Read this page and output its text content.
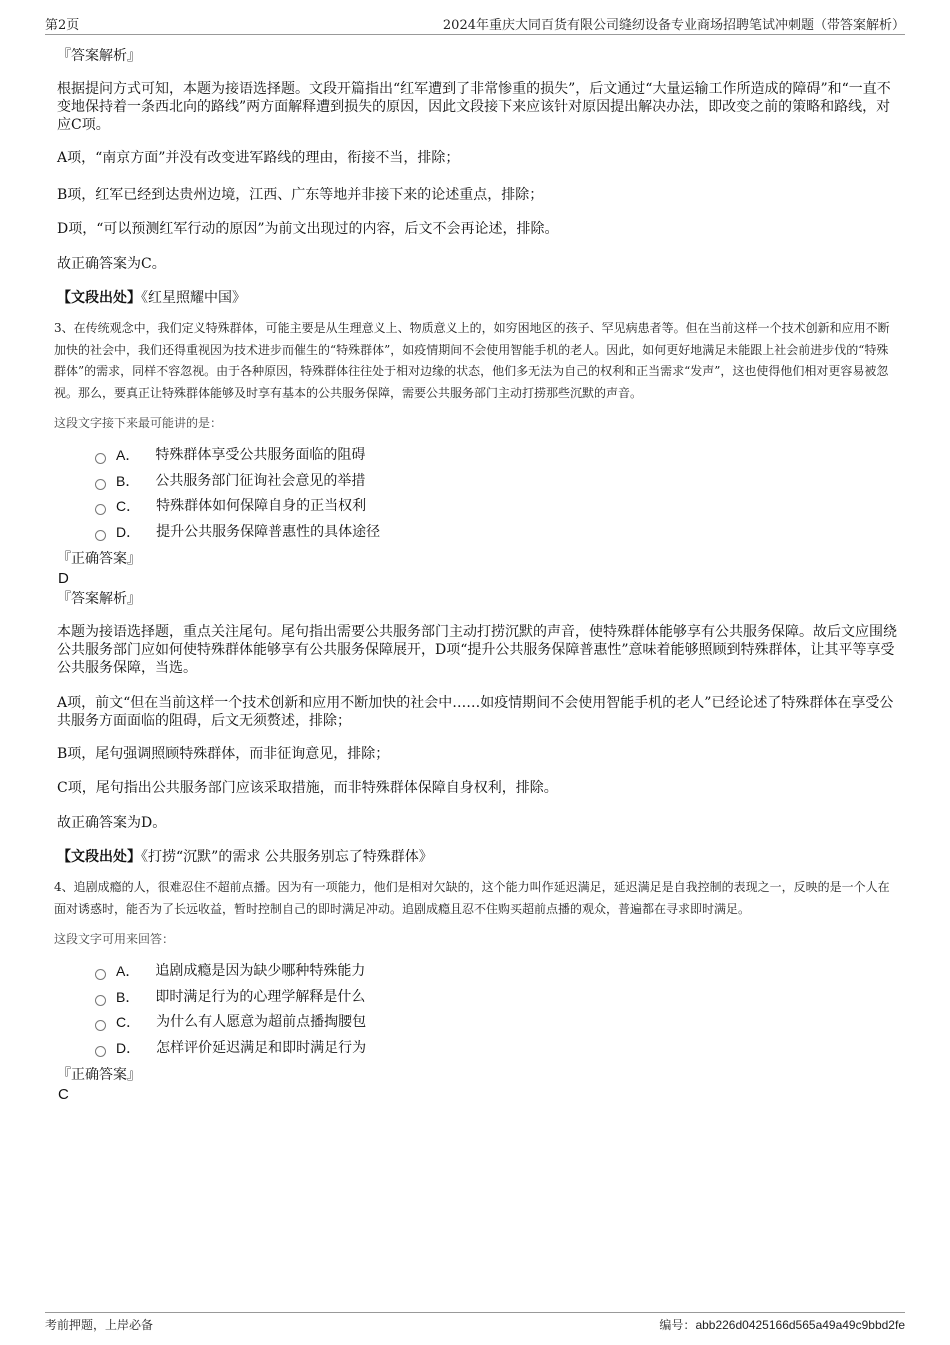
第2页	2024年重庆大同百货有限公司缝纫设备专业商场招聘笔试冲刺题（带答案解析）

『答案解析』

根据提问方式可知，本题为接语选择题。文段开篇指出“红军遭到了非常惨重的损失”，后文通过“大量运输工作所造成的障碍”和“一直不变地保持着一条西北向的路线”两方面解释遭到损失的原因，因此文段接下来应该针对原因提出解决办法，即改变之前的策略和路线，对应C项。

A项，“南京方面”并没有改变进军路线的理由，衔接不当，排除；

B项，红军已经到达贵州边境，江西、广东等地并非接下来的论述重点，排除；

D项，“可以预测红军行动的原因”为前文出现过的内容，后文不会再论述，排除。

故正确答案为C。

【文段出处】《红星照耀中国》

3、在传统观念中，我们定义特殊群体，可能主要是从生理意义上、物质意义上的，如穷困地区的孩子、罕见病患者等。但在当前这样一个技术创新和应用不断加快的社会中，我们还得重视因为技术进步而催生的“特殊群体”，如疫情期间不会使用智能手机的老人。因此，如何更好地满足未能跟上社会前进步伐的“特殊群体”的需求，同样不容忽视。由于各种原因，特殊群体往往处于相对边缘的状态，他们多无法为自己的权利和正当需求“发声”，这也使得他们相对更容易被忽视。那么，要真正让特殊群体能够及时享有基本的公共服务保障，需要公共服务部门主动打捞那些沉默的声音。

这段文字接下来最可能讲的是：

A． 特殊群体享受公共服务面临的阻碍
B． 公共服务部门征询社会意见的举措
C． 特殊群体如何保障自身的正当权利
D． 提升公共服务保障普惠性的具体途径

『正确答案』

D

『答案解析』

本题为接语选择题，重点关注尾句。尾句指出需要公共服务部门主动打捞沉默的声音，使特殊群体能够享有公共服务保障。故后文应围绕公共服务部门应如何使特殊群体能够享有公共服务保障展开，D项“提升公共服务保障普惠性”意味着能够照顾到特殊群体，让其平等享受公共服务保障，当选。

A项，前文“但在当前这样一个技术创新和应用不断加快的社会中……如疫情期间不会使用智能手机的老人”已经论述了特殊群体在享受公共服务方面面临的阻碍，后文无须赘述，排除；

B项，尾句强调照顾特殊群体，而非征询意见，排除；

C项，尾句指出公共服务部门应该采取措施，而非特殊群体保障自身权利，排除。

故正确答案为D。

【文段出处】《打捞“沉默”的需求 公共服务别忘了特殊群体》

4、追剧成瘾的人，很难忍住不超前点播。因为有一项能力，他们是相对欠缺的，这个能力叫作延迟满足，延迟满足是自我控制的表现之一，反映的是一个人在面对诱惑时，能否为了长远收益，暂时控制自己的即时满足冲动。追剧成瘾且忍不住购买超前点播的观众，普遍都在寻求即时满足。

这段文字可用来回答：

A． 追剧成瘾是因为缺少哪种特殊能力
B． 即时满足行为的心理学解释是什么
C． 为什么有人愿意为超前点播掏腰包
D． 怎样评价延迟满足和即时满足行为

『正确答案』

C

考前押题，上岸必备	编号：abb226d0425166d565a49a49c9bbd2fe
